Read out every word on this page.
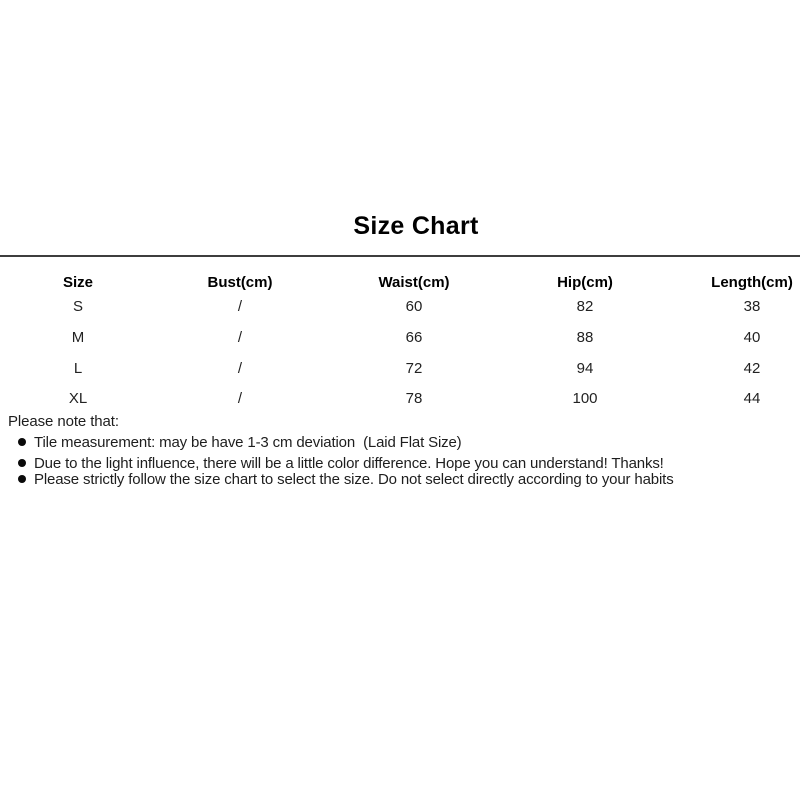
Size Chart
Size	Bust(cm)	Waist(cm)	Hip(cm)	Length(cm)
S	/	60	82	38
M	/	66	88	40
L	/	72	94	42
XL	/	78	100	44
Please note that:
Tile measurement: may be have 1-3 cm deviation  (Laid Flat Size)
Due to the light influence, there will be a little color difference. Hope you can understand! Thanks!
Please strictly follow the size chart to select the size. Do not select directly according to your habits
